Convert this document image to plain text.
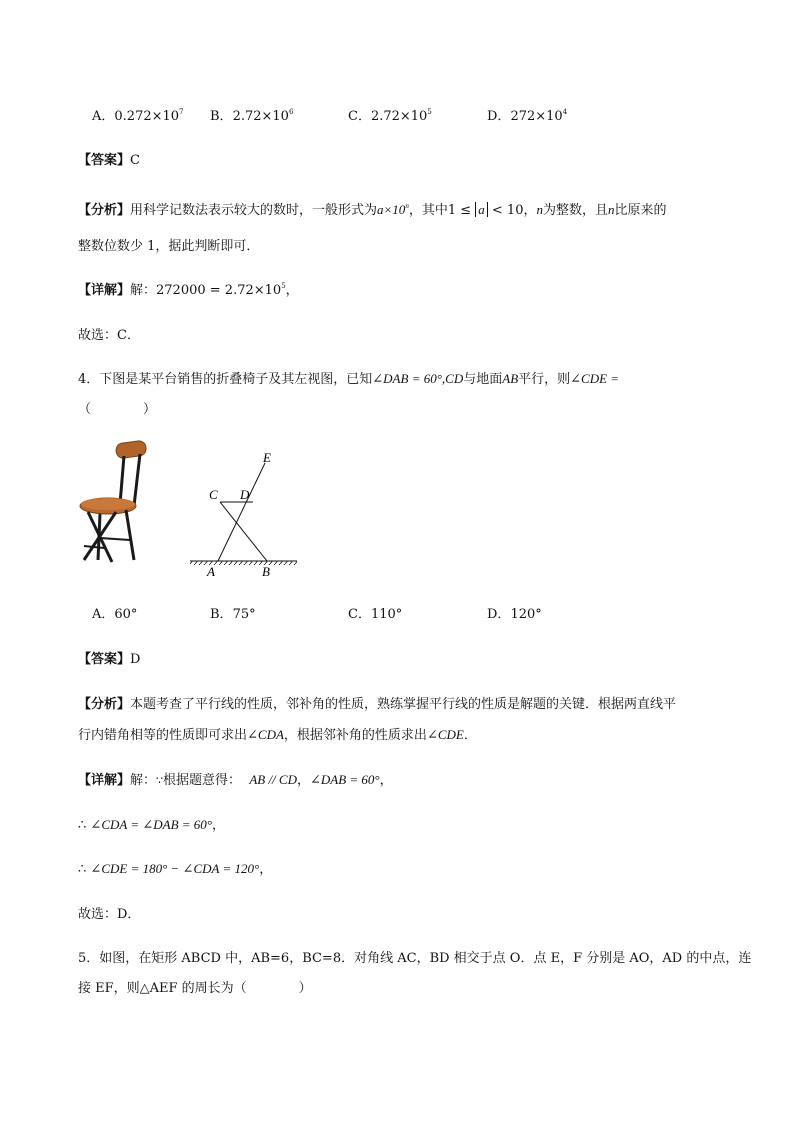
A．$0.272\times 10^7$ B．$2.72\times 10^6$	C．$2.72\times 10^5$	D．$272\times 10^4$
【答案】C
【分析】用科学记数法表示较大的数时，一般形式为$a\times 10^n$，其中1 ≤ a < 10，n为整数，且n比原来的
整数位数少 1，据此判断即可．
【详解】解：$272000 = 2.72\times 10^5$，
故选：C．
4．下图是某平台销售的折叠椅子及其左视图，已知∠DAB = 60°,CD与地面AB平行，则∠CDE =
（　　　　）
E
C D
A	B
A．60°	B．75°	C．110°	D．120°
【答案】D
【分析】本题考查了平行线的性质，邻补角的性质，熟练掌握平行线的性质是解题的关键．根据两直线平
行内错角相等的性质即可求出∠CDA，根据邻补角的性质求出∠CDE．
【详解】解：∵根据题意得： AB // CD，∠DAB = 60°，
∴ ∠CDA = ∠DAB = 60°，
∴ ∠CDE = 180° − ∠CDA = 120°，
故选：D．
5．如图，在矩形 ABCD 中，AB=6，BC=8．对角线 AC，BD 相交于点 O．点 E，F 分别是 AO，AD 的中点，连
接 EF，则△AEF 的周长为（　　　　）
